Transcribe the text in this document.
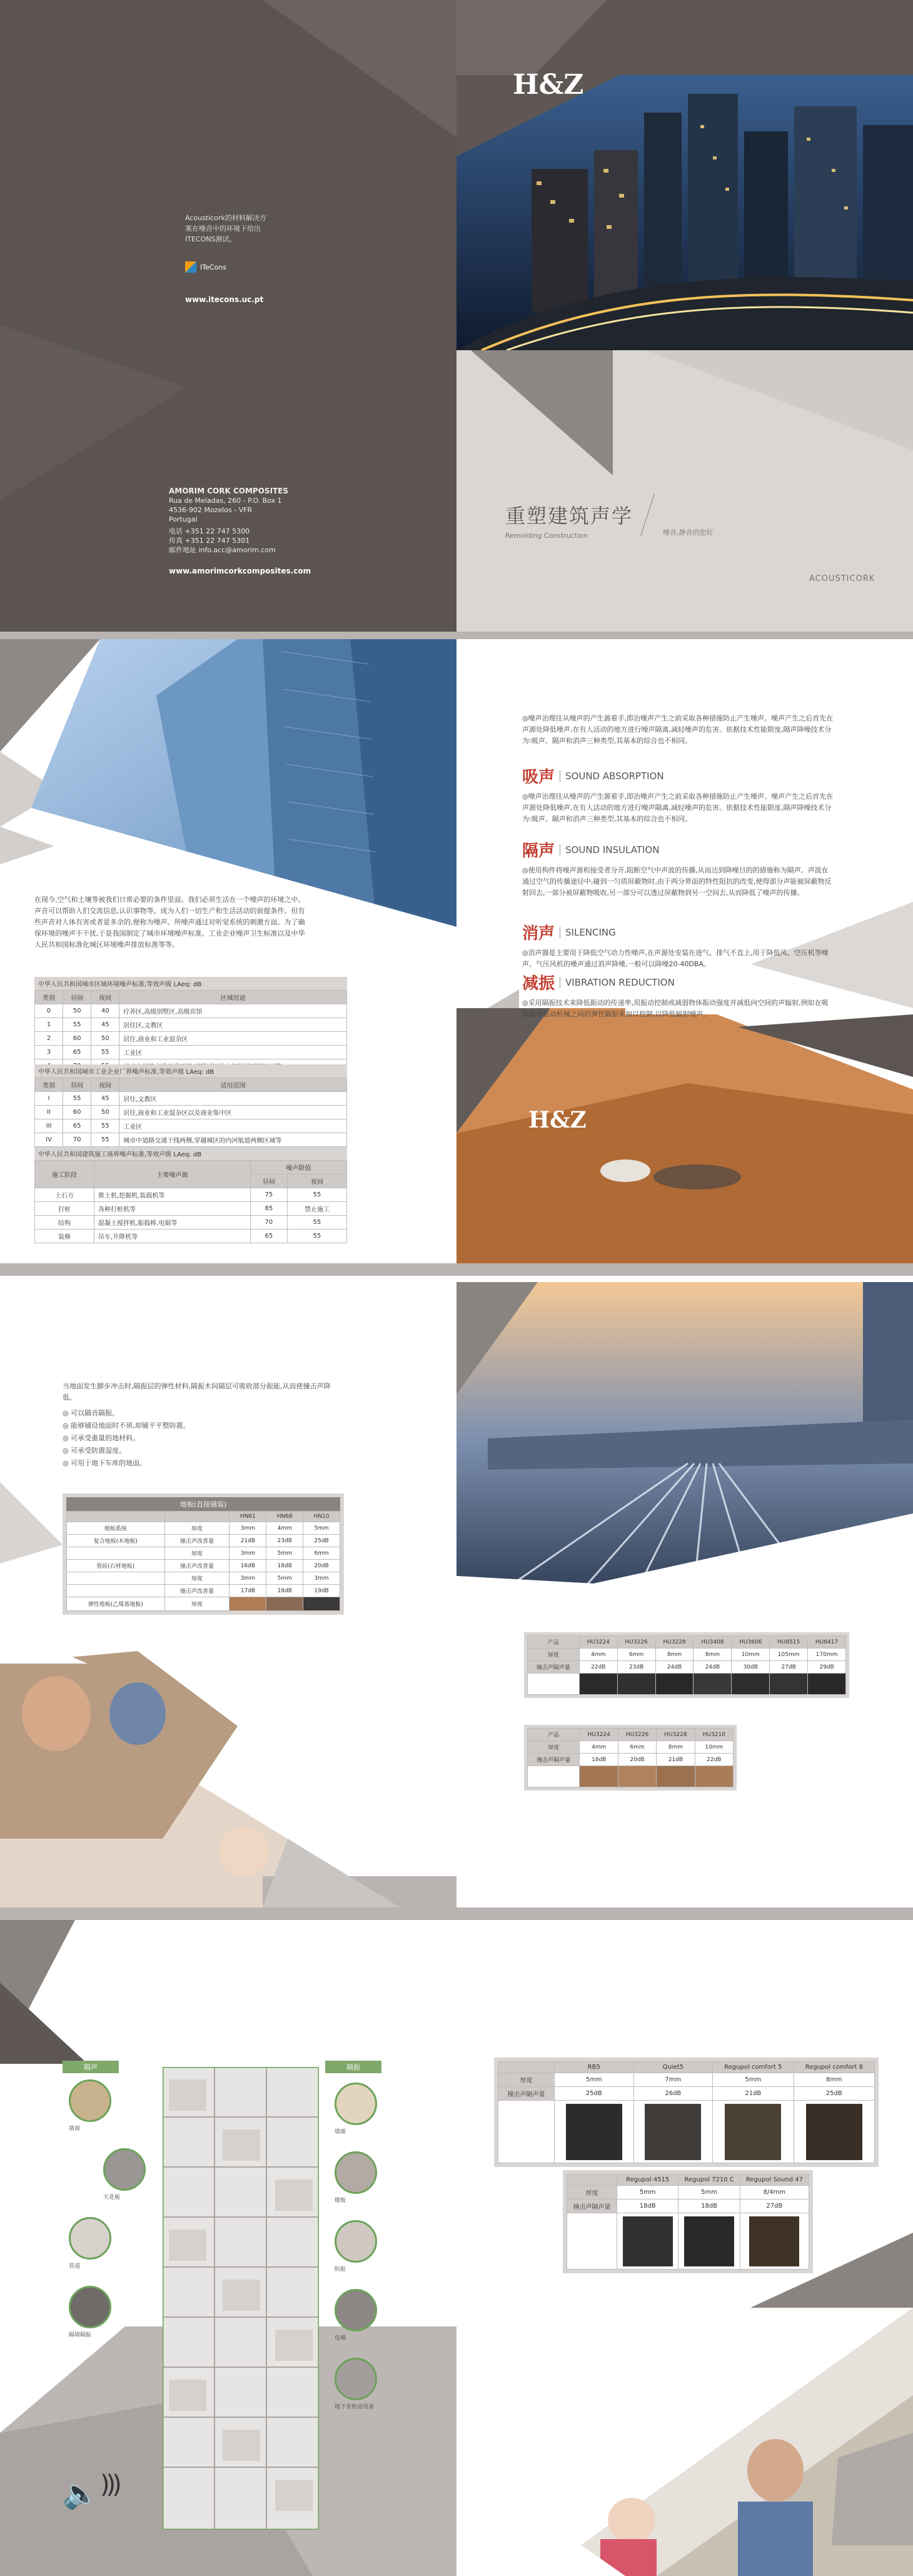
H&Z
Acousticork的材料解决方
案在噪音中的环境下给出
ITECONS测试。
ITeCons
www.itecons.uc.pt
AMORIM CORK COMPOSITES
Rua de Meladas, 260 - P.O. Box 1
4536-902 Mozelos - VFR
Portugal
电话 +351 22 747 5300
传真 +351 22 747 5301
邮件地址 info.acc@amorim.com
www.amorimcorkcomposites.com
重塑建筑声学
Remolding Construction	噪音,静音的您好
ACOUSTICORK
在现今,空气和土壤等被我们日常必要的条件里面。我们必须生活在一个噪声的环境之中。声音可以帮助人们交流信息,认识事物等。成为人们一切生产和生活活动的前提条件。但有些声音对人体有害或者是多余的,便称为噪声。所噪声通过对听觉系统的刺激方面。为了确保环境的噪声不干扰,于是我国制定了城市环境噪声标准。工业企业噪声卫生标准以及中华人民共和国标准化城区环境噪声排放标准等等。
中华人民共和国城市区域环境噪声标准,等效声级 LAeq: dB
类别	昼间	夜间	区域用途
0	50	40	疗养区,高级别墅区,高级宾馆
1	55	45	居住区,文教区
2	60	50	居住,商业和工业混杂区
3	65	55	工业区

中华人民共和国城市工业企业厂界噪声标准,等效声级 LAeq: dB
类别	昼间	夜间	适用范围
I	55	45	居住,文教区
II	60	50	居住,商业和工业混杂区以及商业集中区
III	65	55	工业区
IV	70	55	城市中道路交通干线两侧,穿越城区的内河航道两侧区域等
中华人民共和国建筑施工场界噪声标准,等效声级 LAeq: dB
施工阶段	主要噪声源	噪声限值	
		昼间	夜间
土石方	推土机,挖掘机,装载机等	75	55
打桩	各种打桩机等	85	禁止施工
结构	混凝土搅拌机,振捣棒,电锯等	70	55
装修	吊车,升降机等	65	55
◎噪声治理往从噪声的产生源着手,即治噪声产生之前采取各种措施防止产生噪声。噪声产生之后首先在声源处降低噪声,在有人活动的地方进行噪声隔离,减轻噪声的危害。依据技术性能限度,隔声降噪技术分为:吸声、隔声和消声三种类型,其基本的综合也不相同。
吸声	SOUND ABSORPTION
◎噪声治理往从噪声的产生源着手,即治噪声产生之前采取各种措施防止产生噪声。噪声产生之后首先在声源处降低噪声,在有人活动的地方进行噪声隔离,减轻噪声的危害。依据技术性能限度,隔声降噪技术分为:吸声、隔声和消声三种类型,其基本的综合也不相同。
隔声	SOUND INSULATION
◎使用构件将噪声源和接受者分开,阻断空气中声波的传播,从而达到降噪目的的措施称为隔声。声波在通过空气的传播途径中,碰到一匀质屏蔽物时,由于两分界面的特性阻抗的改变,使得部分声能被屏蔽物反射回去,一部分被屏蔽物吸收,另一部分可以透过屏蔽物到另一空间去,从而降低了噪声的传播。
消声	SILENCING
◎消声器是主要用于降低空气动力性噪声,在声源处安装在进气、排气不直上,用于降低风、空压机等噪声。气压风机的噪声通过消声降噪,一般可以降噪20-40DBA。
减振	VIBRATION REDUCTION
◎采用隔振技术来降低振动的传递率,用振动控制或减弱物体振动强度并减低向空间的声辐射,例如在吸振器和振动机械之间的弹性隔振来加以控制,以降低辐射噪声。
H&Z
当地面发生脚步冲击时,隔振层的弹性材料,隔振木间隔层可吸收部分振能,从而使撞击声降低。
◎ 可以隔音隔振。
◎ 能够铺设地面时不须,却铺平平整防震。
◎ 可承受重量的地材料。
◎ 可承受防震湿度。
◎ 可用于地下车库的地面。
地板(直接铺装)
		HN61	HN68	HN10
地板系统	厚度	3mm	4mm	5mm
复合地板(木地板)	撞击声改善量	21dB	23dB	25dB
	厚度	3mm	5mm	6mm
瓷砖(石材地板)	撞击声改善量	16dB	18dB	20dB
	厚度	3mm	5mm	3mm
	撞击声改善量	17dB	18dB	19dB
弹性地板(乙烯基地板)	厚度			
产品	HU3224	HU3226	HU3228	HU3408	HU3606	HU8515	HU8417
厚度	4mm	6mm	8mm	8mm	10mm	105mm	170mm
撞击声隔声量	22dB	23dB	24dB	24dB	30dB	27dB	29dB

产品	HU3224	HU3226	HU3228	HU3210
厚度	4mm	6mm	8mm	10mm
撞击声隔声量	18dB	20dB	21dB	22dB

隔声	隔振
墙面
天花板
管道
隔墙隔振
墙面
楼板
防振
电梯
地下室机房设备
🔈 )))
	RB5	Quiet5	Regupol comfort 5	Regupol comfort 8
厚度	5mm	7mm	5mm	8mm
撞击声隔声量	25dB	26dB	21dB	25dB

	Regupol 4515	Regupol 7210 C	Regupol Sound 47
厚度	5mm	5mm	8/4mm
撞击声隔声量	18dB	18dB	27dB
